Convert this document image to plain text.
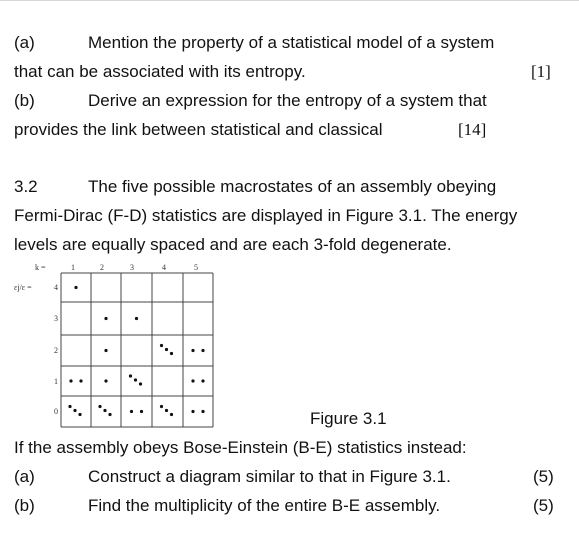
(a)	Mention the property of a statistical model of a system
that can be associated with its entropy.	[1]
(b)	Derive an expression for the entropy of a system that
provides the link between statistical and classical	[14]
3.2	The five possible macrostates of an assembly obeying
Fermi-Dirac (F-D) statistics are displayed in Figure 3.1. The energy
levels are equally spaced and are each 3-fold degenerate.
k =	1	2	3	4	5
εj/ε =	4
3
2
1
0	Figure 3.1
If the assembly obeys Bose-Einstein (B-E) statistics instead:
(a)	Construct a diagram similar to that in Figure 3.1.	(5)
(b)	Find the multiplicity of the entire B-E assembly.	(5)
